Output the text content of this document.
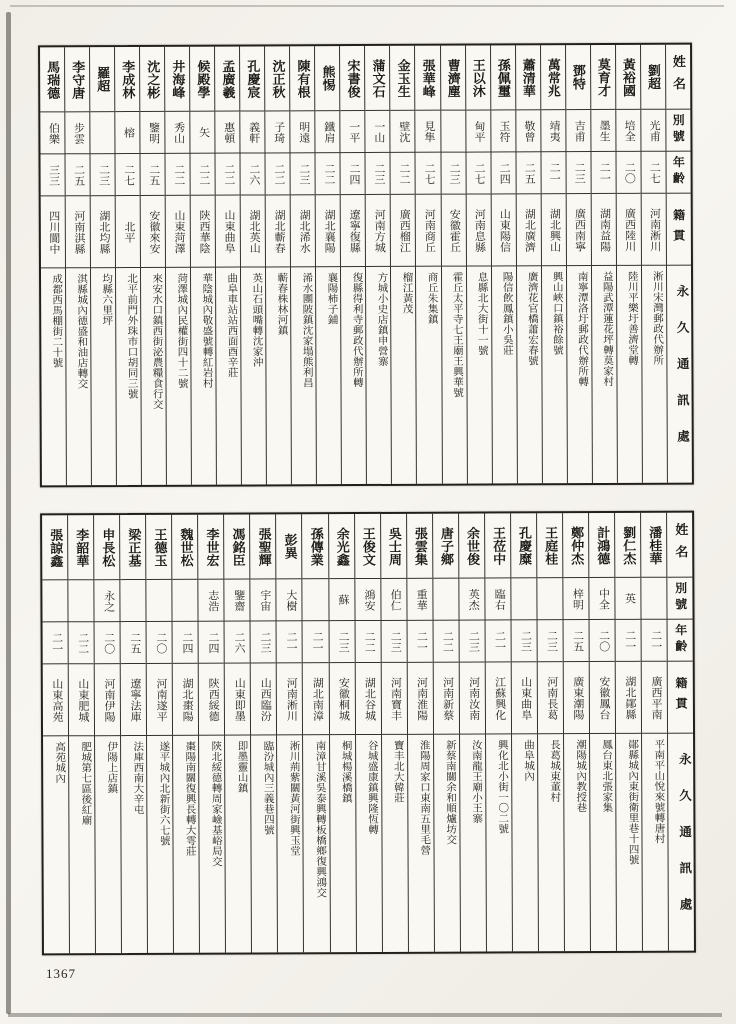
馬瑞德
伯樂
三三
四川閬中
成都西馬棚街二十號
李守唐
步雲
二五
河南淇縣
淇縣城內德盛和油店轉交
羅超
二三
湖北均縣
均縣六里坪
李成林
榕
二七
北平
北平前門外珠市口胡同三號
沈之彬
鑒明
二五
安徽來安
來安水口鎮西街泌農糧食行交
井海峰
秀山
二二
山東菏澤
菏澤城內民權街四十二號
候殿學
矢
二二
陝西華陰
華陰城內敬盛號轉紅岩村
孟廣羲
惠頓
二二
山東曲阜
曲阜車站站西面酉辛莊
孔慶宸
義軒
二六
湖北英山
英山石頭嘴轉沈家沖
沈正秋
子琦
二二
湖北蘄春
蘄春株林河鎮
陳有根
明遠
二三
湖北浠水
浠水團陂鎮沈家塌熊利昌
熊惕
鐵肩
二二
湖北襄陽
襄陽柿子鋪
宋書俊
一平
二四
遼寧復縣
復縣得利寺郵政代辦所轉
蒲文石
一山
二三
河南方城
方城小史店鎮申營寨
金玉生
壁沈
二二
廣西榴江
榴江黃茂
張華峰
見隼
二七
河南商丘
商丘朱集鎮
曹濟塵
二三
安徽霍丘
霍丘太平寺七王廟王興華號
王以沐
甸平
二七
河南息縣
息縣北大街十一號
孫佩璽
玉符
二四
山東陽信
陽信飲鳳鎮小吳莊
蕭清華
敬曾
二五
湖北廣濟
廣濟花官橋蕭宏春號
萬常兆
靖夷
二一
湖北興山
興山峽口鎮裕餘號
鄧特
吉甫
二三
廣西南寧
南寧潭洛圩郵政代辦所轉
莫育才
墨生
二一
湖南益陽
益陽武潭蓮花坪轉莫家村
黃裕國
培全
二〇
廣西陸川
陸川平樂圩善濟堂轉
劉超
光甫
二七
河南淅川
淅川宋灣郵政代辦所
姓名
別號
年齡
籍貫
永久通訊處
張諒鑫
二一
山東高苑
高苑城內
李韶華
二二
山東肥城
肥城第七區後紅廟
申長松
永之
二〇
河南伊陽
伊陽上店鎮
梁正基
二五
遼寧法庫
法庫西南大辛屯
王德玉
二〇
河南遂平
遂平城內北新街六七號
魏世松
二四
湖北棗陽
棗陽南關復興長轉大雩莊
李世宏
志浩
二四
陝西綏德
陝北綏德轉周家嶮基峪局交
馮銘臣
鑒齋
二六
山東即墨
即墨靈山鎮
張聖輝
宇宙
二三
山西臨汾
臨汾城內三義巷四號
彭異
大樹
二一
河南淅川
淅川荊紫關黃河街興玉堂
孫傳業
二一
湖北南漳
南漳甘溪吳泰興轉板橋鄉復興鴻交
余光鑫
蘇
二三
安徽桐城
桐城楊溪橋鎮
王俊文
鴻安
二二
湖北谷城
谷城盛康鎮興隆恆轉
吳士周
伯仁
二三
河南寶丰
寶丰北大韓莊
張雲集
重華
二一
河南淮陽
淮陽周家口東南五里毛營
唐子鄉
二二
河南新蔡
新蔡南關余和順爐坊交
余世俊
英杰
二三
河南汝南
汝南龍王廟小王寨
王莅中
臨右
二一
江蘇興化
興化北小街一〇二號
孔慶糜
二三
山東曲阜
曲阜城內
王庭桂
二三
河南長葛
長葛城東董村
鄭仲杰
梓明
二五
廣東潮陽
潮陽城內教授巷
計鴻德
中全
二〇
安徽鳳台
鳳台東北張家集
劉仁杰
英
二一
湖北鄖縣
鄖縣城內東街衛里巷十四號
潘桂華
二一
廣西平南
平南平山悅來號轉唐村
姓名
別號
年齡
籍貫
永久通訊處
1367
